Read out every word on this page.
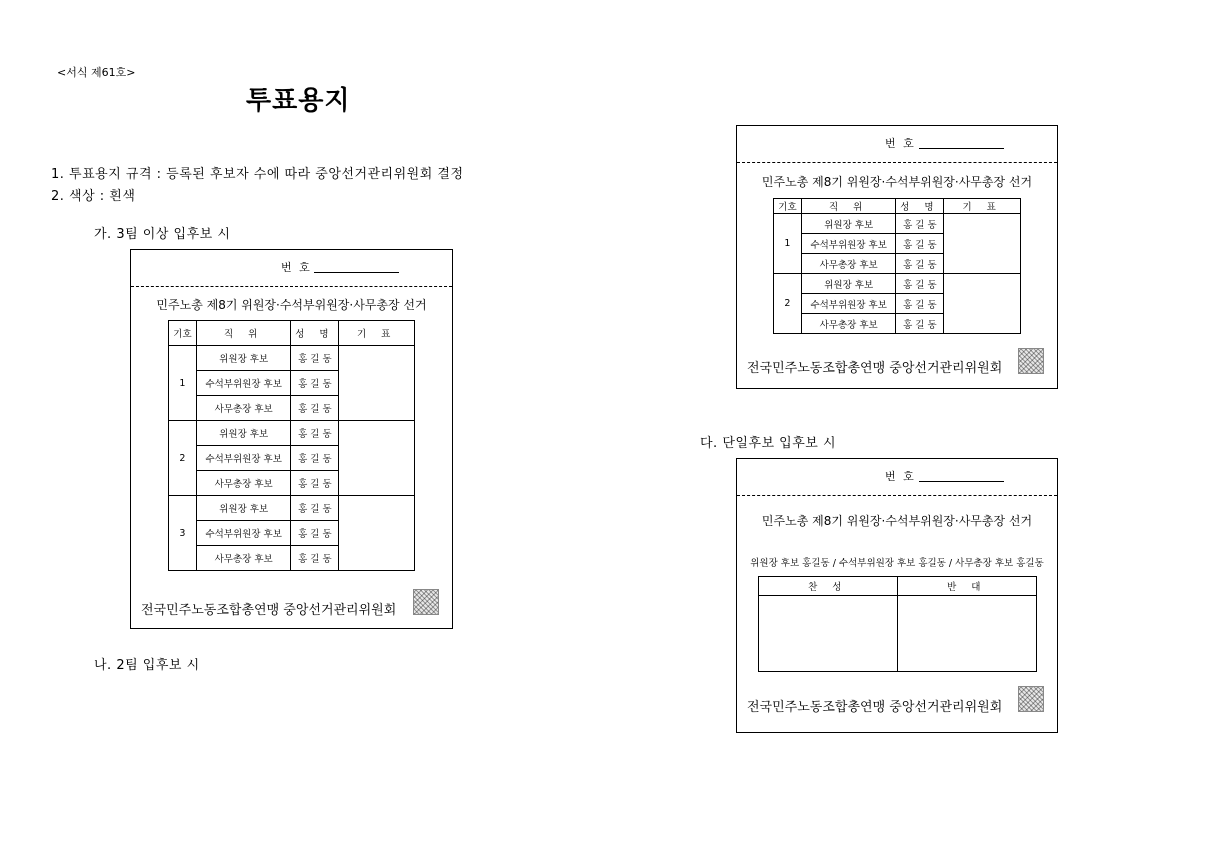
<서식 제61호>
투표용지
1. 투표용지 규격 : 등록된 후보자 수에 따라 중앙선거관리위원회 결정
2. 색상 : 흰색
가. 3팀 이상 입후보 시
나. 2팀 입후보 시
다. 단일후보 입후보 시
번 호
민주노총 제8기 위원장·수석부위원장·사무총장 선거
기호	직 위	성 명	기 표
1	위원장 후보	홍 길 동	
	수석부위원장 후보	홍 길 동	
	사무총장 후보	홍 길 동	
2	위원장 후보	홍 길 동	
	수석부위원장 후보	홍 길 동	
	사무총장 후보	홍 길 동	
3	위원장 후보	홍 길 동	
	수석부위원장 후보	홍 길 동	
	사무총장 후보	홍 길 동	
전국민주노동조합총연맹 중앙선거관리위원회
번 호
민주노총 제8기 위원장·수석부위원장·사무총장 선거
기호	직 위	성 명	기 표
1	위원장 후보	홍 길 동	
	수석부위원장 후보	홍 길 동	
	사무총장 후보	홍 길 동	
2	위원장 후보	홍 길 동	
	수석부위원장 후보	홍 길 동	
	사무총장 후보	홍 길 동	
전국민주노동조합총연맹 중앙선거관리위원회
번 호
민주노총 제8기 위원장·수석부위원장·사무총장 선거
위원장 후보 홍길동 / 수석부위원장 후보 홍길동 / 사무총장 후보 홍길동
찬 성	반 대

전국민주노동조합총연맹 중앙선거관리위원회
